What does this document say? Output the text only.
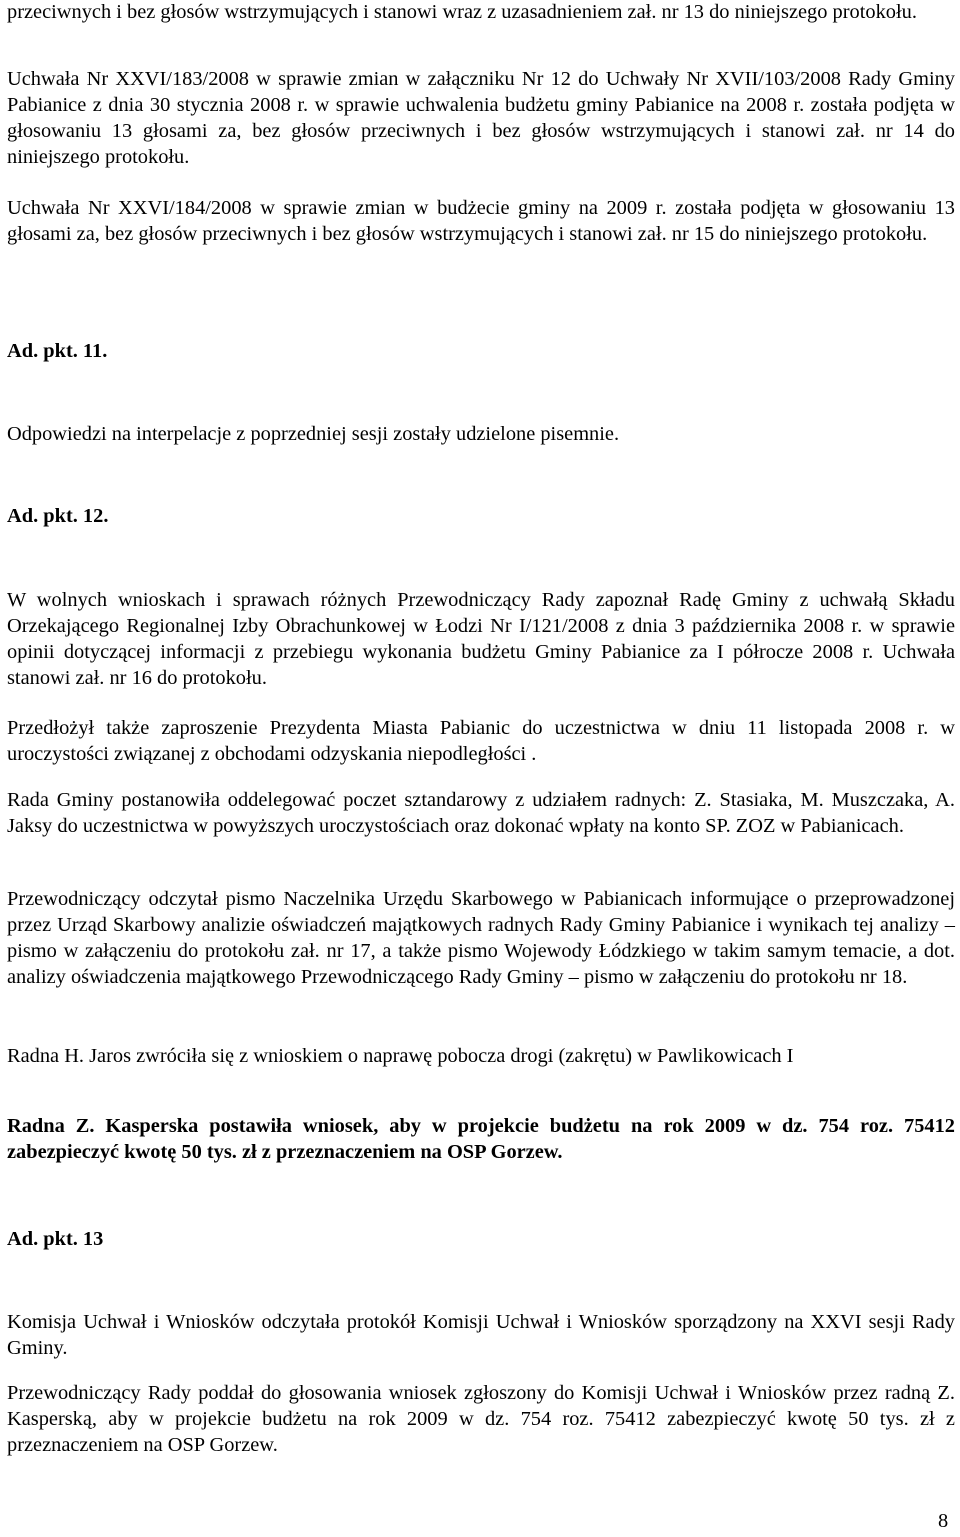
przeciwnych i bez głosów wstrzymujących i stanowi wraz z uzasadnieniem zał. nr 13 do niniejszego protokołu.

Uchwała Nr XXVI/183/2008 w sprawie zmian w załączniku Nr 12 do Uchwały Nr XVII/103/2008 Rady Gminy Pabianice z dnia 30 stycznia 2008 r. w sprawie uchwalenia budżetu gminy Pabianice na 2008 r. została podjęta w głosowaniu 13 głosami za, bez głosów przeciwnych i bez głosów wstrzymujących i stanowi zał. nr 14 do niniejszego protokołu.

Uchwała Nr XXVI/184/2008 w sprawie zmian w budżecie gminy na 2009 r. została podjęta w głosowaniu 13 głosami za, bez głosów przeciwnych i bez głosów wstrzymujących i stanowi zał. nr 15 do niniejszego protokołu.

Ad. pkt. 11.

Odpowiedzi na interpelacje z poprzedniej sesji zostały udzielone pisemnie.

Ad. pkt. 12.

W wolnych wnioskach i sprawach różnych Przewodniczący Rady zapoznał Radę Gminy z uchwałą Składu Orzekającego Regionalnej Izby Obrachunkowej w Łodzi Nr I/121/2008 z dnia 3 października 2008 r. w sprawie opinii dotyczącej informacji z przebiegu wykonania budżetu Gminy Pabianice za I półrocze 2008 r. Uchwała stanowi zał. nr 16 do protokołu.

Przedłożył także zaproszenie Prezydenta Miasta Pabianic do uczestnictwa w dniu 11 listopada 2008 r. w uroczystości związanej z obchodami odzyskania niepodległości .

Rada Gminy postanowiła oddelegować poczet sztandarowy z udziałem radnych: Z. Stasiaka, M. Muszczaka, A. Jaksy do uczestnictwa w powyższych uroczystościach oraz dokonać wpłaty na konto SP. ZOZ w Pabianicach.

Przewodniczący odczytał pismo Naczelnika Urzędu Skarbowego w Pabianicach informujące o przeprowadzonej przez Urząd Skarbowy analizie oświadczeń majątkowych radnych Rady Gminy Pabianice i wynikach tej analizy – pismo w załączeniu do protokołu zał. nr 17, a także pismo Wojewody Łódzkiego w takim samym temacie, a dot. analizy oświadczenia majątkowego Przewodniczącego Rady Gminy – pismo w załączeniu do protokołu nr 18.

Radna H. Jaros zwróciła się z wnioskiem o naprawę pobocza drogi (zakrętu) w Pawlikowicach I

Radna Z. Kasperska postawiła wniosek, aby w projekcie budżetu na rok 2009 w dz. 754 roz. 75412 zabezpieczyć kwotę 50 tys. zł z przeznaczeniem na OSP Gorzew.

Ad. pkt. 13

Komisja Uchwał i Wniosków odczytała protokół Komisji Uchwał i Wniosków sporządzony na XXVI sesji Rady Gminy.

Przewodniczący Rady poddał do głosowania wniosek zgłoszony do Komisji Uchwał i Wniosków przez radną Z. Kasperską, aby w projekcie budżetu na rok 2009 w dz. 754 roz. 75412 zabezpieczyć kwotę 50 tys. zł z przeznaczeniem na OSP Gorzew.

8
